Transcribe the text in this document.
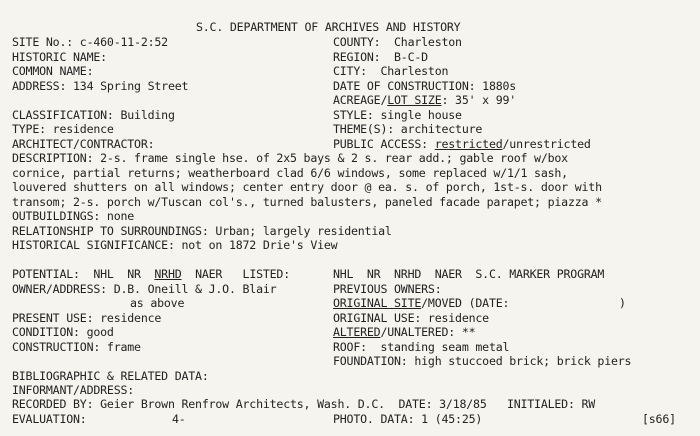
S.C. DEPARTMENT OF ARCHIVES AND HISTORY
SITE No.: c-460-11-2:52
HISTORIC NAME:
COMMON NAME:
ADDRESS: 134 Spring Street
CLASSIFICATION: Building
TYPE: residence
ARCHITECT/CONTRACTOR:
COUNTY:  Charleston
REGION:  B-C-D
CITY:  Charleston
DATE OF CONSTRUCTION: 1880s
ACREAGE/LOT SIZE: 35' x 99'
STYLE: single house
THEME(S): architecture
PUBLIC ACCESS: restricted/unrestricted
DESCRIPTION: 2-s. frame single hse. of 2x5 bays & 2 s. rear add.; gable roof w/box
cornice, partial returns; weatherboard clad 6/6 windows, some replaced w/1/1 sash,
louvered shutters on all windows; center entry door @ ea. s. of porch, 1st-s. door with
transom; 2-s. porch w/Tuscan col's., turned balusters, paneled facade parapet; piazza *
OUTBUILDINGS: none
RELATIONSHIP TO SURROUNDINGS: Urban; largely residential
HISTORICAL SIGNIFICANCE: not on 1872 Drie's View
POTENTIAL:  NHL  NR  NRHD  NAER   LISTED:	NHL  NR  NRHD  NAER  S.C. MARKER PROGRAM
OWNER/ADDRESS: D.B. Oneill & J.O. Blair
as above
PREVIOUS OWNERS:
ORIGINAL SITE/MOVED (DATE:	)
PRESENT USE: residence	ORIGINAL USE: residence
CONDITION: good	ALTERED/UNALTERED: **
CONSTRUCTION: frame	ROOF:  standing seam metal
FOUNDATION: high stuccoed brick; brick piers
BIBLIOGRAPHIC & RELATED DATA:
INFORMANT/ADDRESS:
RECORDED BY: Geier Brown Renfrow Architects, Wash. D.C.  DATE: 3/18/85   INITIALED: RW
EVALUATION:	4-	PHOTO. DATA: 1 (45:25)	[s66]
